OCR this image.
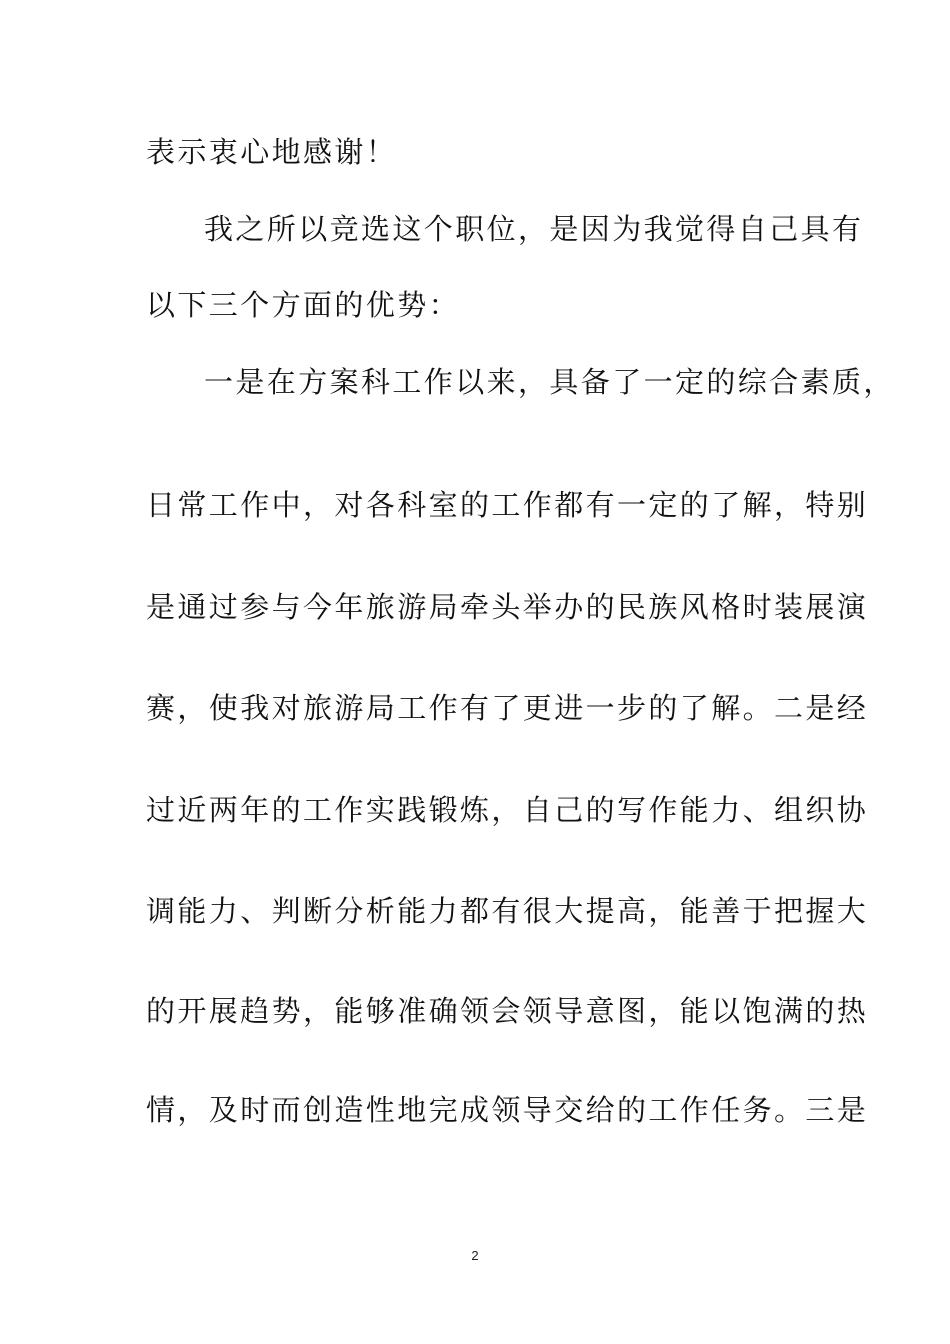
表示衷心地感谢！
我之所以竞选这个职位，是因为我觉得自己具有
以下三个方面的优势：
一是在方案科工作以来，具备了一定的综合素质，
日常工作中，对各科室的工作都有一定的了解，特别
是通过参与今年旅游局牵头举办的民族风格时装展演
赛，使我对旅游局工作有了更进一步的了解。二是经
过近两年的工作实践锻炼，自己的写作能力、组织协
调能力、判断分析能力都有很大提高，能善于把握大
的开展趋势，能够准确领会领导意图，能以饱满的热
情，及时而创造性地完成领导交给的工作任务。三是
2
